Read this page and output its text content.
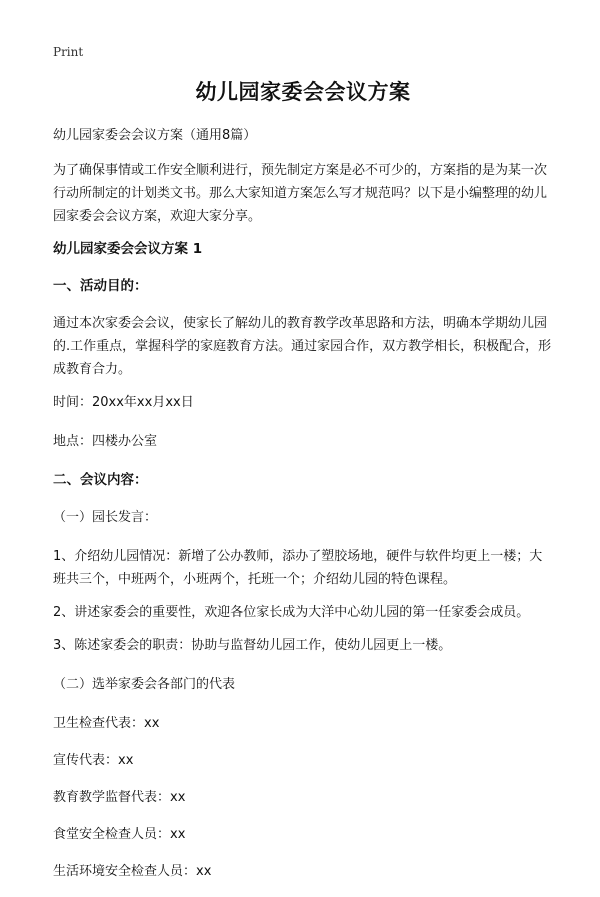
Print
幼儿园家委会会议方案

幼儿园家委会会议方案（通用8篇）

为了确保事情或工作安全顺利进行，预先制定方案是必不可少的，方案指的是为某一次行动所制定的计划类文书。那么大家知道方案怎么写才规范吗？以下是小编整理的幼儿园家委会会议方案，欢迎大家分享。

幼儿园家委会会议方案 1

一、活动目的：

通过本次家委会会议，使家长了解幼儿的教育教学改革思路和方法，明确本学期幼儿园的.工作重点，掌握科学的家庭教育方法。通过家园合作，双方教学相长，积极配合，形成教育合力。

时间：20xx年xx月xx日

地点：四楼办公室

二、会议内容：

（一）园长发言：

1、介绍幼儿园情况：新增了公办教师，添办了塑胶场地，硬件与软件均更上一楼；大班共三个，中班两个，小班两个，托班一个；介绍幼儿园的特色课程。

2、讲述家委会的重要性，欢迎各位家长成为大洋中心幼儿园的第一任家委会成员。

3、陈述家委会的职责：协助与监督幼儿园工作，使幼儿园更上一楼。

（二）选举家委会各部门的代表

卫生检查代表：xx

宣传代表：xx

教育教学监督代表：xx

食堂安全检查人员：xx

生活环境安全检查人员：xx
